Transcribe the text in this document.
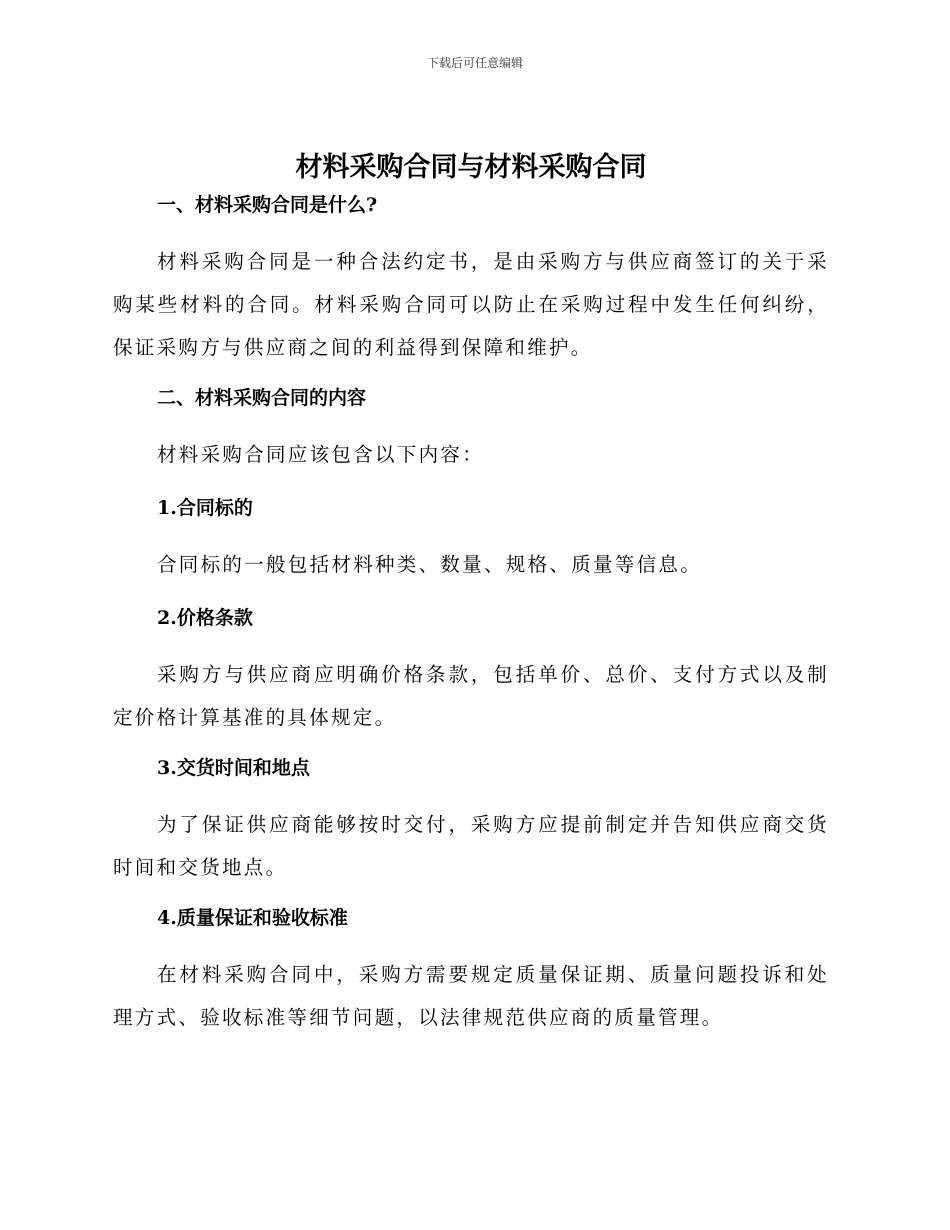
下载后可任意编辑
材料采购合同与材料采购合同
一、材料采购合同是什么?

材料采购合同是一种合法约定书，是由采购方与供应商签订的关于采购某些材料的合同。材料采购合同可以防止在采购过程中发生任何纠纷，保证采购方与供应商之间的利益得到保障和维护。

二、材料采购合同的内容

材料采购合同应该包含以下内容：

1.合同标的

合同标的一般包括材料种类、数量、规格、质量等信息。

2.价格条款

采购方与供应商应明确价格条款，包括单价、总价、支付方式以及制定价格计算基准的具体规定。

3.交货时间和地点

为了保证供应商能够按时交付，采购方应提前制定并告知供应商交货时间和交货地点。

4.质量保证和验收标准

在材料采购合同中，采购方需要规定质量保证期、质量问题投诉和处理方式、验收标准等细节问题，以法律规范供应商的质量管理。
